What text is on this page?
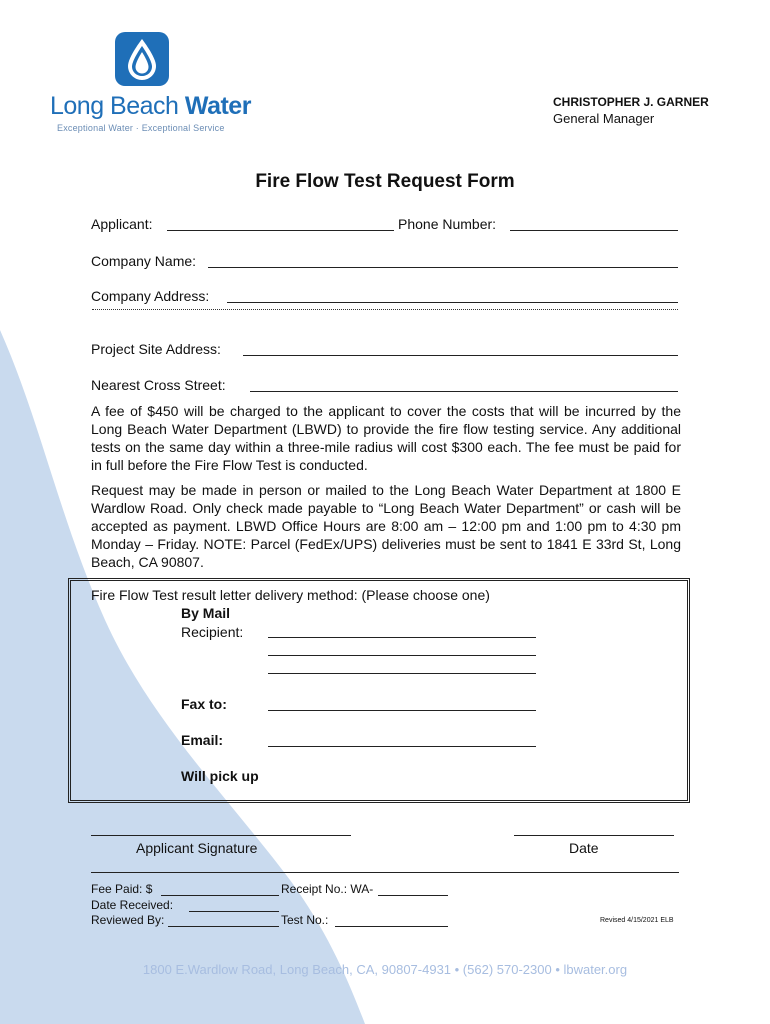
Long Beach Water
Exceptional Water · Exceptional Service
CHRISTOPHER J. GARNER
General Manager
Fire Flow Test Request Form
Applicant:	Phone Number:
Company Name:
Company Address:
Project Site Address:
Nearest Cross Street:
A fee of $450 will be charged to the applicant to cover the costs that will be incurred by the Long Beach Water Department (LBWD) to provide the fire flow testing service. Any additional tests on the same day within a three-mile radius will cost $300 each. The fee must be paid for in full before the Fire Flow Test is conducted.
Request may be made in person or mailed to the Long Beach Water Department at 1800 E Wardlow Road. Only check made payable to “Long Beach Water Department” or cash will be accepted as payment. LBWD Office Hours are 8:00 am – 12:00 pm and 1:00 pm to 4:30 pm Monday – Friday. NOTE: Parcel (FedEx/UPS) deliveries must be sent to 1841 E 33rd St, Long Beach, CA 90807.
Fire Flow Test result letter delivery method: (Please choose one)
By Mail
Recipient:
Fax to:
Email:
Will pick up
Applicant Signature	Date
Fee Paid: $	Receipt No.: WA-
Date Received:
Reviewed By:	Test No.:	Revised 4/15/2021 ELB
1800 E.Wardlow Road, Long Beach, CA, 90807-4931 • (562) 570-2300 • lbwater.org
